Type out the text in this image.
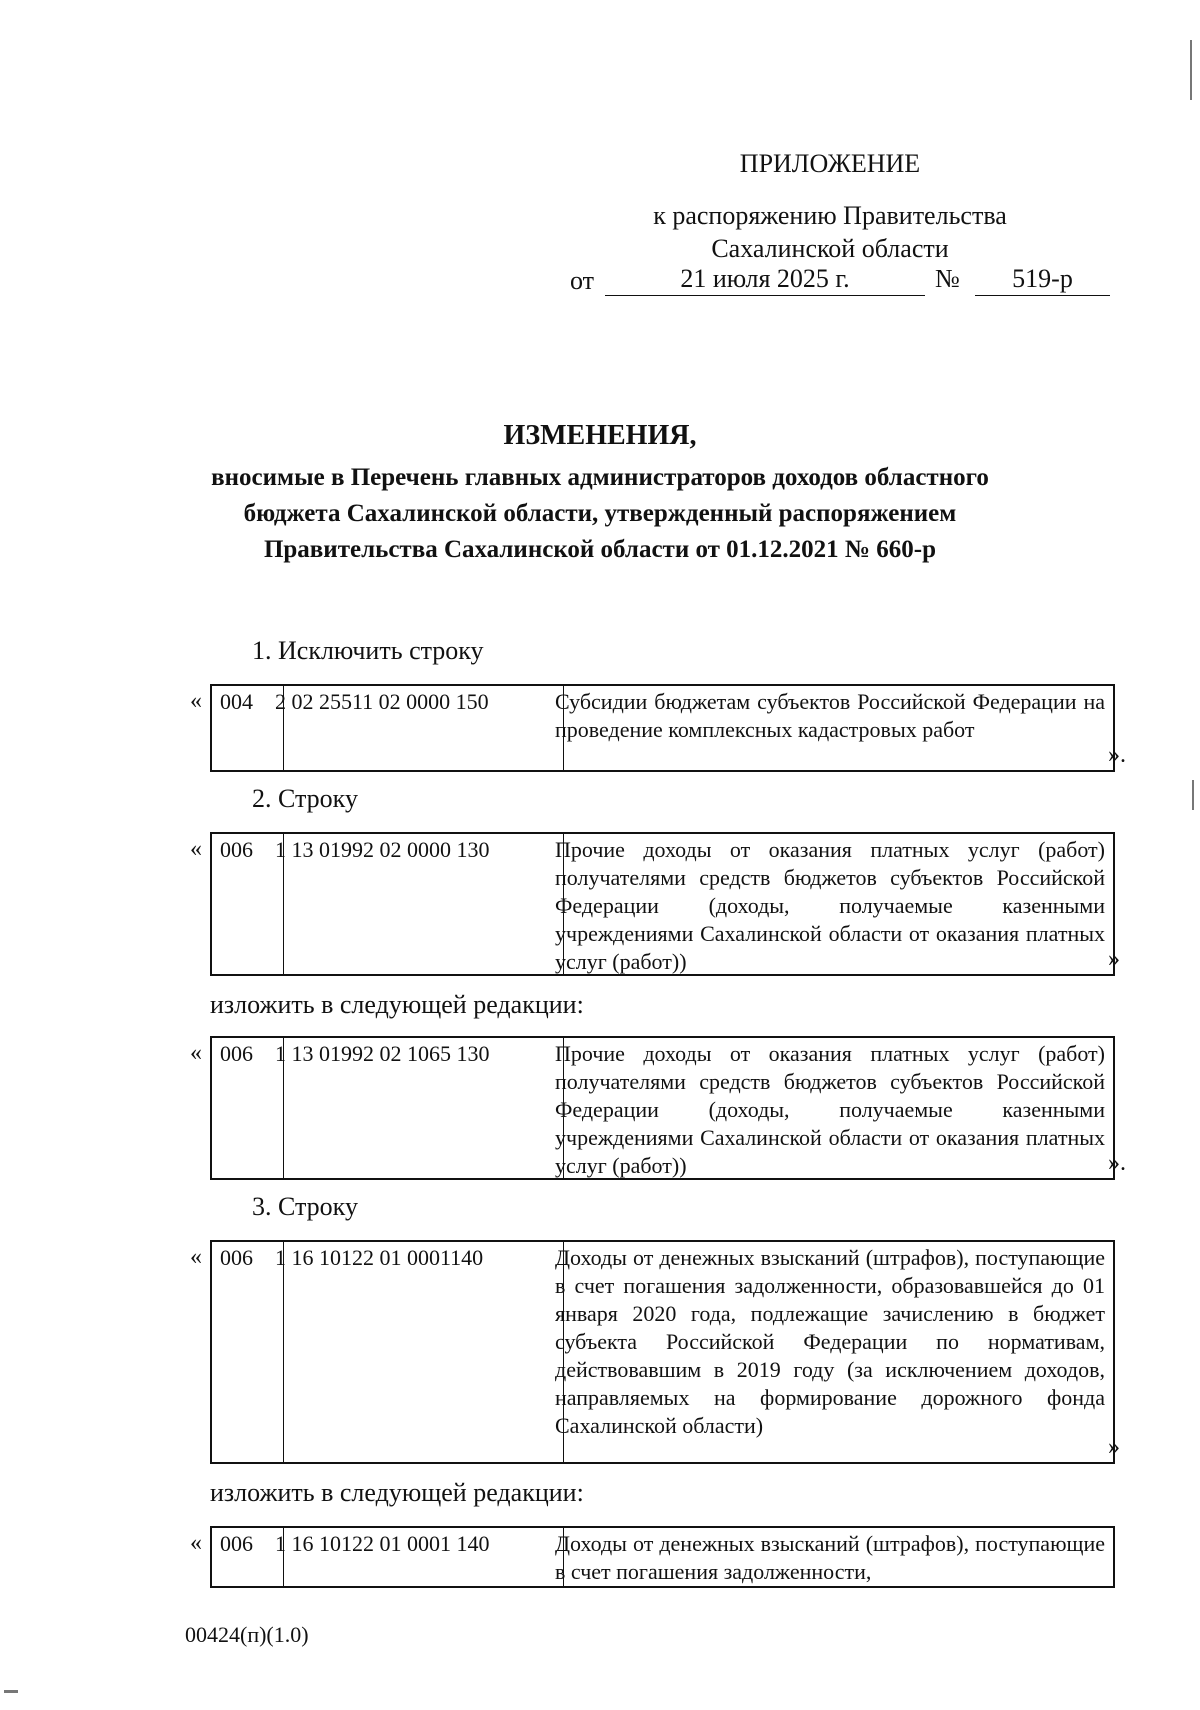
ПРИЛОЖЕНИЕ
к распоряжению Правительства
Сахалинской области
от	21 июля 2025 г.	№	519-р
ИЗМЕНЕНИЯ,
вносимые в Перечень главных администраторов доходов областного
бюджета Сахалинской области, утвержденный распоряжением
Правительства Сахалинской области от 01.12.2021 № 660-р
1. Исключить строку
« 004	2 02 25511 02 0000 150	Субсидии бюджетам субъектов Российской Федерации на проведение комплексных кадастровых работ
».
2. Строку
« 006	1 13 01992 02 0000 130	Прочие доходы от оказания платных услуг (работ) получателями средств бюджетов субъектов Российской Федерации (доходы, получаемые казенными учреждениями Сахалинской области от оказания платных услуг (работ))	»
изложить в следующей редакции:
« 006	1 13 01992 02 1065 130	Прочие доходы от оказания платных услуг (работ) получателями средств бюджетов субъектов Российской Федерации (доходы, получаемые казенными учреждениями Сахалинской области от оказания платных услуг (работ))	».
3. Строку
« 006	1 16 10122 01 0001140	Доходы от денежных взысканий (штрафов), поступающие в счет погашения задолженности, образовавшейся до 01 января 2020 года, подлежащие зачислению в бюджет субъекта Российской Федерации по нормативам, действовавшим в 2019 году (за исключением доходов, направляемых на формирование дорожного фонда Сахалинской области)
»
изложить в следующей редакции:
« 006	1 16 10122 01 0001 140	Доходы от денежных взысканий (штрафов), поступающие в счет погашения задолженности,
00424(п)(1.0)
